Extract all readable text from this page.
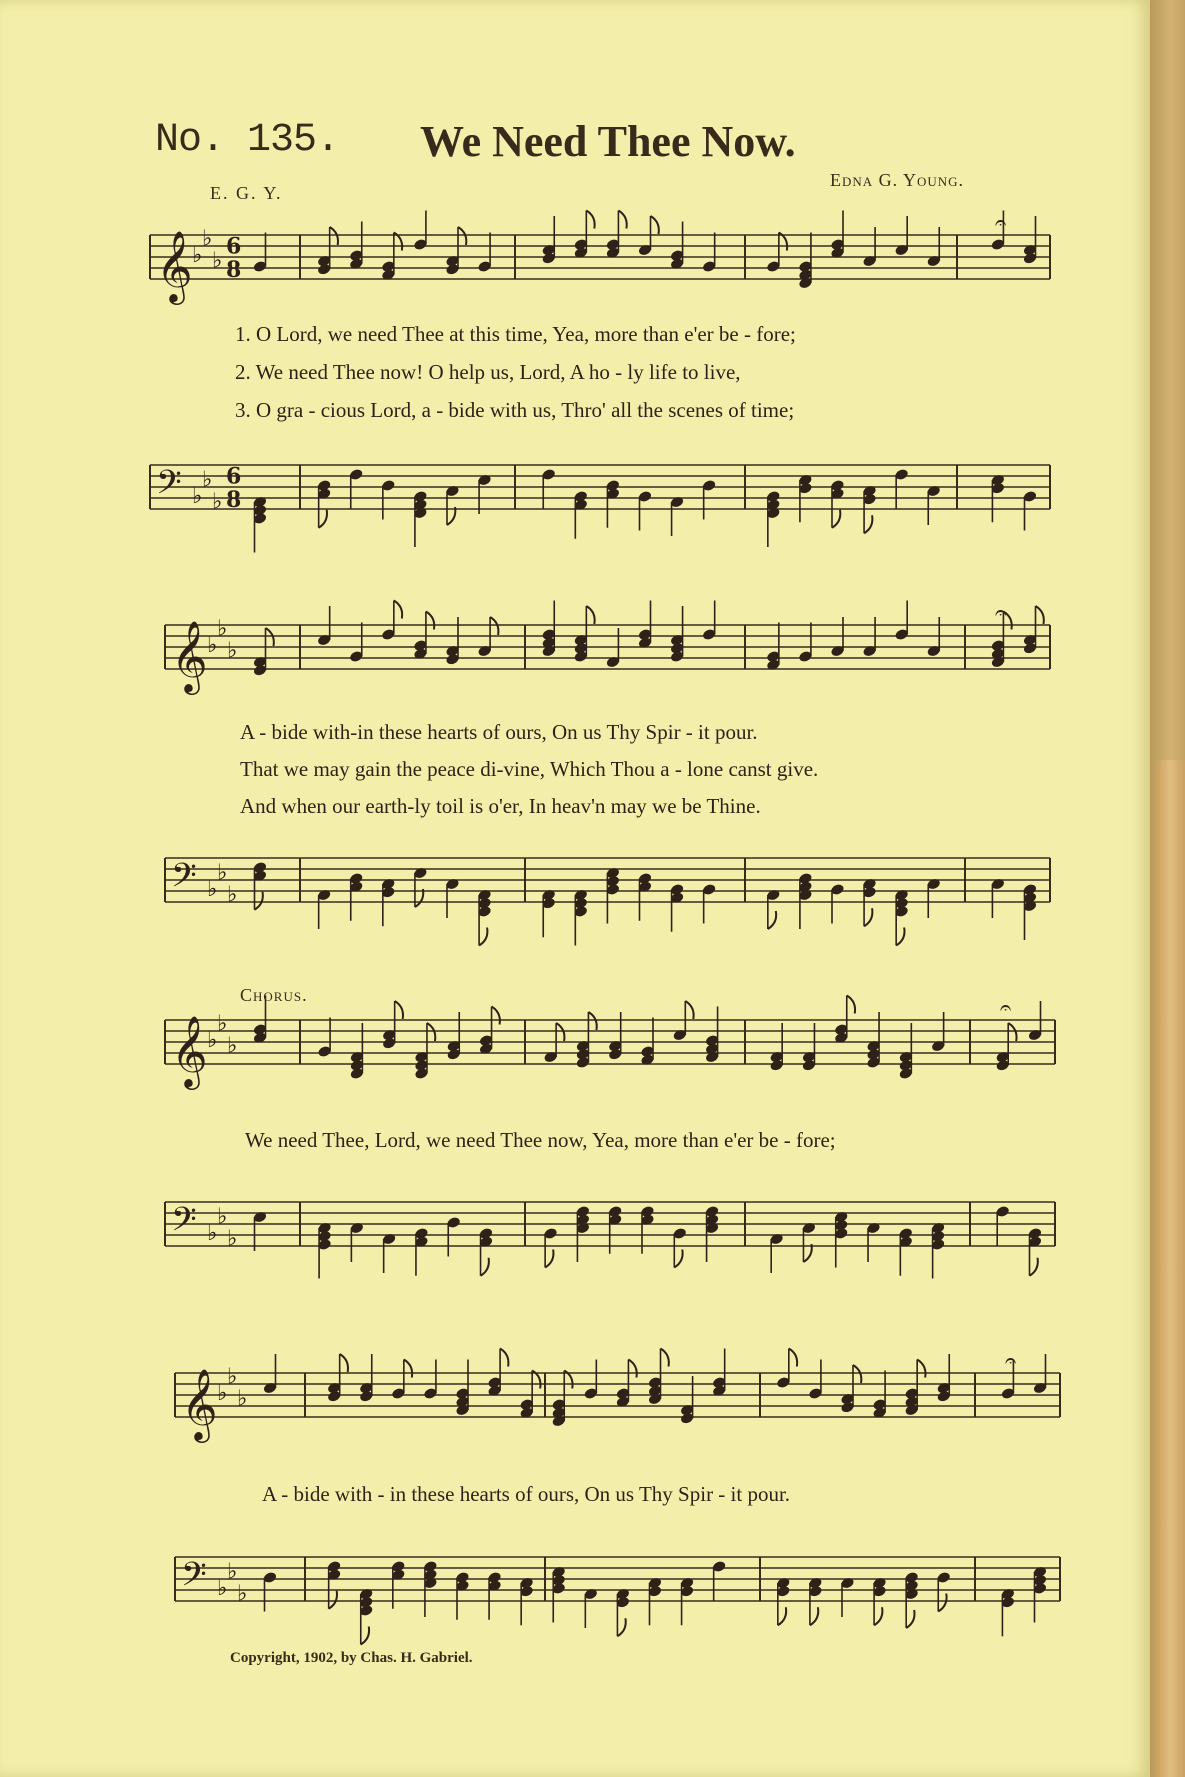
No. 135. We Need Thee Now.
E. G. Y.
Edna G. Young.
𝄞 ♭
♭
♭
6
8
𝄐
𝄢 ♭
♭
♭
6
8
𝄞 ♭
♭
♭
𝄐
𝄢 ♭
♭
♭
𝄞 ♭
♭
♭
𝄐
𝄢 ♭
♭
♭
𝄞 ♭
♭
♭
𝄐
𝄢 ♭
♭
♭
1. O Lord, we need Thee at this time, Yea, more than e'er be - fore;
2. We need Thee now! O help us, Lord, A ho - ly life to live,
3. O gra - cious Lord, a - bide with us, Thro' all the scenes of time;
A - bide with-in these hearts of ours, On us Thy Spir - it pour.
That we may gain the peace di-vine, Which Thou a - lone canst give.
And when our earth-ly toil is o'er, In heav'n may we be Thine.
Chorus.
We need Thee, Lord, we need Thee now, Yea, more than e'er be - fore;
A - bide with - in these hearts of ours, On us Thy Spir - it pour.
Copyright, 1902, by Chas. H. Gabriel.
